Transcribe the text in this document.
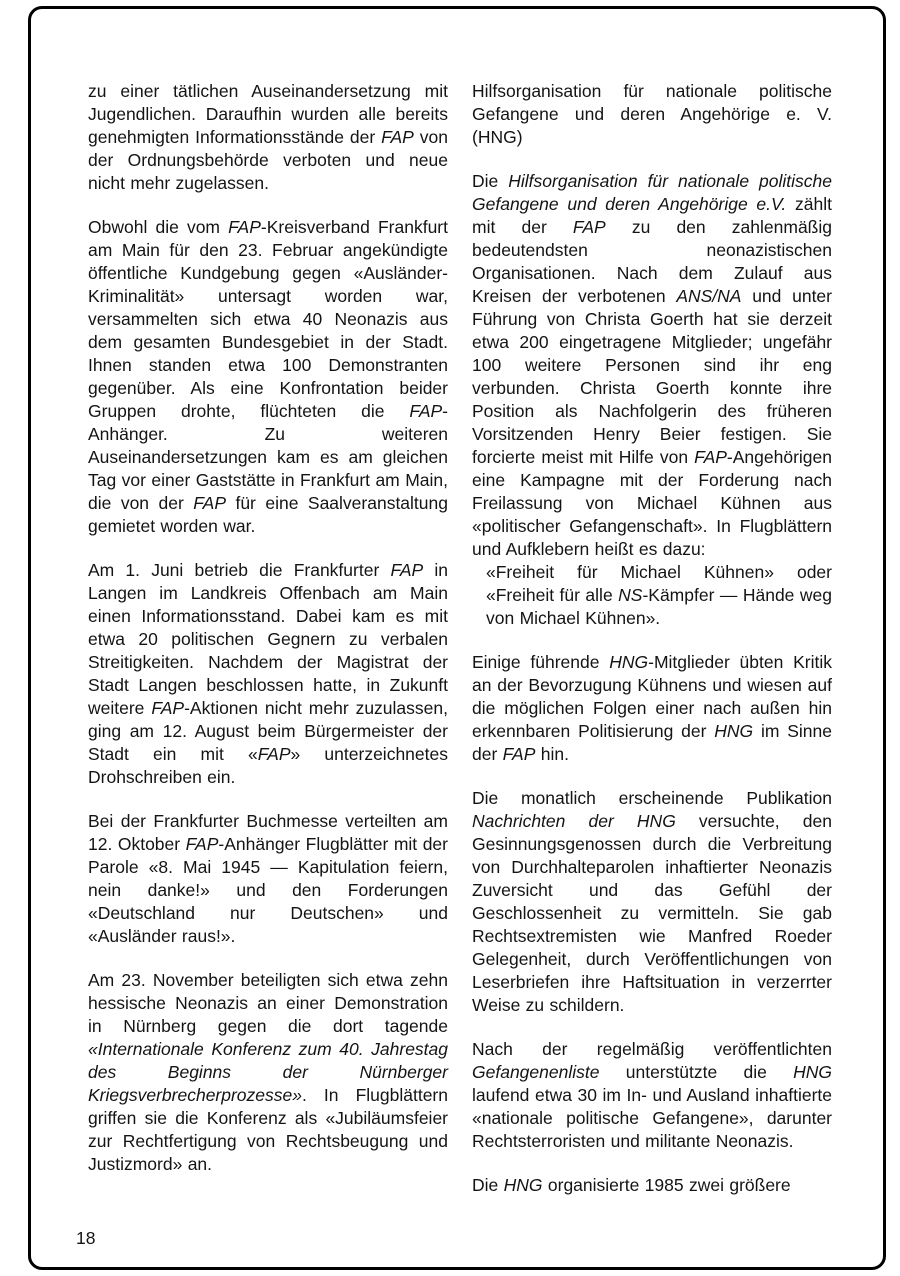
zu einer tätlichen Auseinandersetzung mit Jugendlichen. Daraufhin wurden alle bereits genehmigten Informationsstände der FAP von der Ordnungsbehörde verboten und neue nicht mehr zugelassen.

Obwohl die vom FAP-Kreisverband Frankfurt am Main für den 23. Februar angekündigte öffentliche Kundgebung gegen «Ausländer-Kriminalität» untersagt worden war, versammelten sich etwa 40 Neonazis aus dem gesamten Bundesgebiet in der Stadt. Ihnen standen etwa 100 Demonstranten gegenüber. Als eine Konfrontation beider Gruppen drohte, flüchteten die FAP-Anhänger. Zu weiteren Auseinandersetzungen kam es am gleichen Tag vor einer Gaststätte in Frankfurt am Main, die von der FAP für eine Saalveranstaltung gemietet worden war.

Am 1. Juni betrieb die Frankfurter FAP in Langen im Landkreis Offenbach am Main einen Informationsstand. Dabei kam es mit etwa 20 politischen Gegnern zu verbalen Streitigkeiten. Nachdem der Magistrat der Stadt Langen beschlossen hatte, in Zukunft weitere FAP-Aktionen nicht mehr zuzulassen, ging am 12. August beim Bürgermeister der Stadt ein mit «FAP» unterzeichnetes Drohschreiben ein.

Bei der Frankfurter Buchmesse verteilten am 12. Oktober FAP-Anhänger Flugblätter mit der Parole «8. Mai 1945 — Kapitulation feiern, nein danke!» und den Forderungen «Deutschland nur Deutschen» und «Ausländer raus!».

Am 23. November beteiligten sich etwa zehn hessische Neonazis an einer Demonstration in Nürnberg gegen die dort tagende «Internationale Konferenz zum 40. Jahrestag des Beginns der Nürnberger Kriegsverbrecherprozesse». In Flugblättern griffen sie die Konferenz als «Jubiläumsfeier zur Rechtfertigung von Rechtsbeugung und Justizmord» an.

Hilfsorganisation für nationale politische Gefangene und deren Angehörige e. V. (HNG)

Die Hilfsorganisation für nationale politische Gefangene und deren Angehörige e.V. zählt mit der FAP zu den zahlenmäßig bedeutendsten neonazistischen Organisationen. Nach dem Zulauf aus Kreisen der verbotenen ANS/NA und unter Führung von Christa Goerth hat sie derzeit etwa 200 eingetragene Mitglieder; ungefähr 100 weitere Personen sind ihr eng verbunden. Christa Goerth konnte ihre Position als Nachfolgerin des früheren Vorsitzenden Henry Beier festigen. Sie forcierte meist mit Hilfe von FAP-Angehörigen eine Kampagne mit der Forderung nach Freilassung von Michael Kühnen aus «politischer Gefangenschaft». In Flugblättern und Aufklebern heißt es dazu:

«Freiheit für Michael Kühnen» oder «Freiheit für alle NS-Kämpfer — Hände weg von Michael Kühnen».

Einige führende HNG-Mitglieder übten Kritik an der Bevorzugung Kühnens und wiesen auf die möglichen Folgen einer nach außen hin erkennbaren Politisierung der HNG im Sinne der FAP hin.

Die monatlich erscheinende Publikation Nachrichten der HNG versuchte, den Gesinnungsgenossen durch die Verbreitung von Durchhalteparolen inhaftierter Neonazis Zuversicht und das Gefühl der Geschlossenheit zu vermitteln. Sie gab Rechtsextremisten wie Manfred Roeder Gelegenheit, durch Veröffentlichungen von Leserbriefen ihre Haftsituation in verzerrter Weise zu schildern.

Nach der regelmäßig veröffentlichten Gefangenenliste unterstützte die HNG laufend etwa 30 im In- und Ausland inhaftierte «nationale politische Gefangene», darunter Rechtsterroristen und militante Neonazis.

Die HNG organisierte 1985 zwei größere

18
